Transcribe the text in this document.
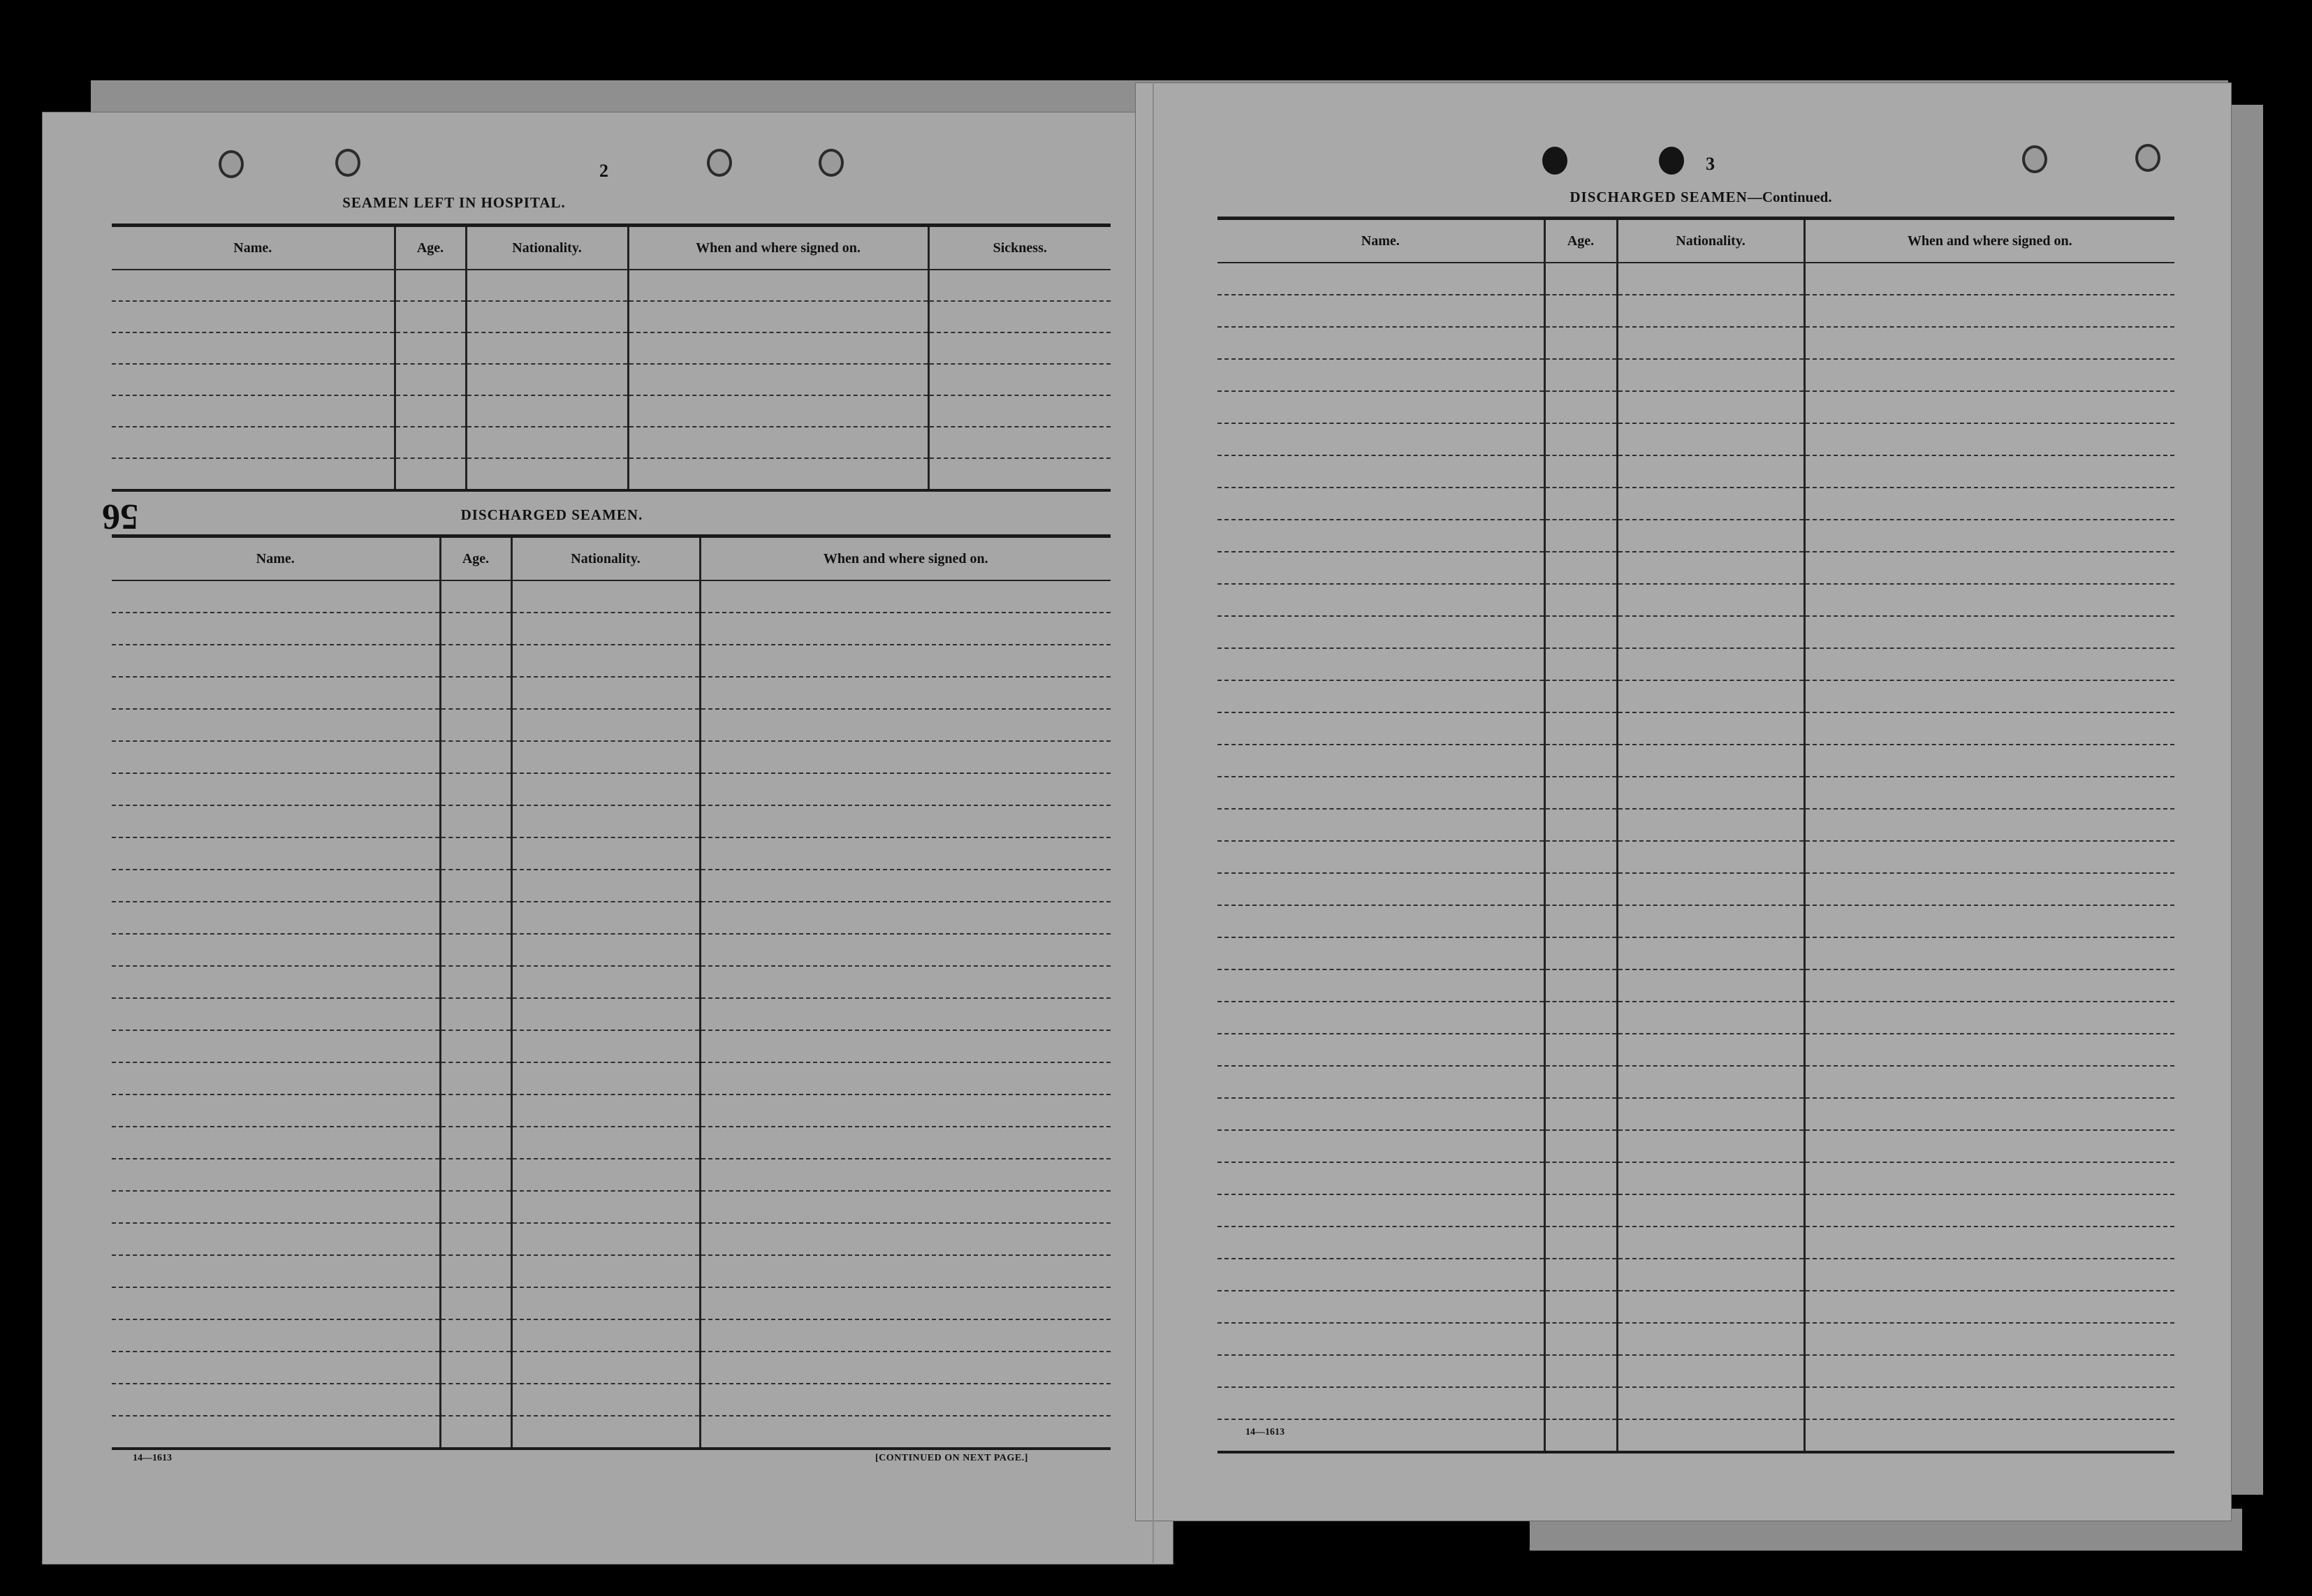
2
SEAMEN LEFT IN HOSPITAL.
Name.	Age.	Nationality.	When and where signed on.	Sickness.

56	DISCHARGED SEAMEN.
Name.	Age.	Nationality.	When and where signed on.

14—1613	[CONTINUED ON NEXT PAGE.]
3
DISCHARGED SEAMEN—Continued.
Name.	Age.	Nationality.	When and where signed on.

14—1613
